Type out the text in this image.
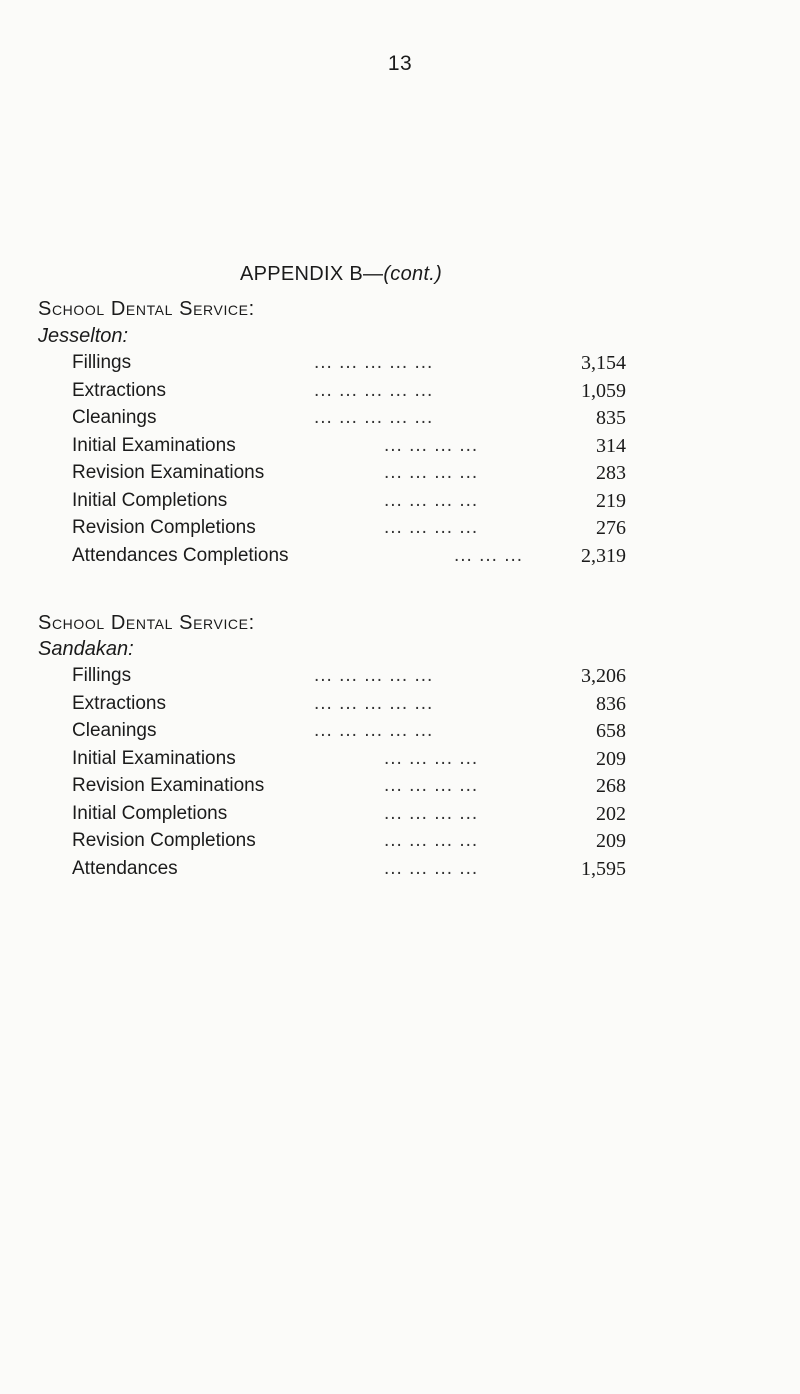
13
APPENDIX B—(cont.)
School Dental Service:
Jesselton:
Fillings	... ... ... ... ...	3,154
Extractions	... ... ... ... ...	1,059
Cleanings	... ... ... ... ...	835
Initial Examinations	... ... ... ...	314
Revision Examinations	... ... ... ...	283
Initial Completions	... ... ... ...	219
Revision Completions	... ... ... ...	276
Attendances Completions	... ... ...	2,319
School Dental Service:
Sandakan:
Fillings	... ... ... ... ...	3,206
Extractions	... ... ... ... ...	836
Cleanings	... ... ... ... ...	658
Initial Examinations	... ... ... ...	209
Revision Examinations	... ... ... ...	268
Initial Completions	... ... ... ...	202
Revision Completions	... ... ... ...	209
Attendances	... ... ... ...	1,595
